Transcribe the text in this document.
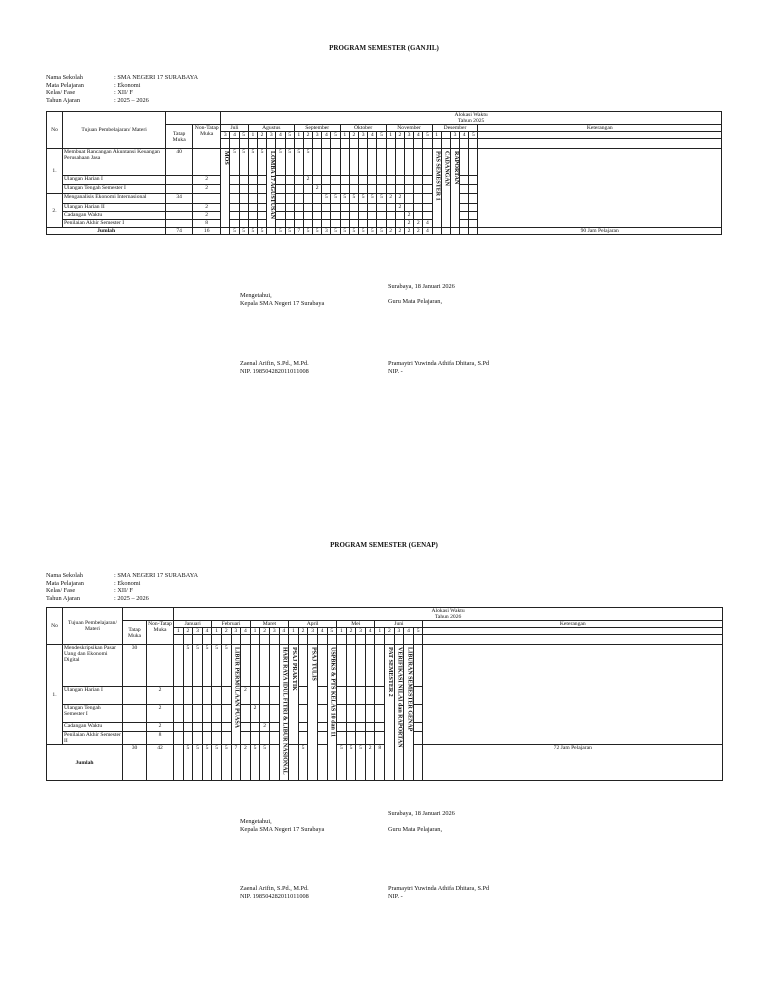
PROGRAM SEMESTER (GANJIL)
Nama Sekolah	: SMA NEGERI 17 SURABAYA
Mata Pelajaran	: Ekonomi
Kelas/ Fase	: XII/ F
Tahun Ajaran	: 2025 – 2026
No	Tujuan Pembelajaran/ Materi			Alokasi Waktu
Tahun 2025																												

		Tatap Muka	Non-Tatap Muka	Juli			Agustus					September					Oktober					November					Desember					Keterangan
				3	4	5	1	2	3	4	5	1	2	3	4	5	1	2	3	4	5	1	2	3	4	5	1		3	4	5	

1.	Membuat Rancangan Akuntansi Keuangan Perusahaan Jasa	40		MOS	5	5	5	5	LOMBA 17 AGUSTUSAN	5	5	5	5														PAS SEMESTER 1	CADANGAN	RAPORTAN			
	Ulangan Harian I		2										2																			
	Ulangan Tengah Semester I		2											2																		
2.	Menganalisis Ekonomi Internasional	34													5	5	5	5	5	5	5	2	2									
	Ulangan Harian II		2																				2									
	Cadangan Waktu		2																					2								
	Penilaian Akhir Semester I		8																					2	2	4						
Jumlah		74	16		5	5	5	5		5	5	7	5	5	3	5	5	5	5	5	5	2	2	2	2	4						90 Jam Pelajaran
Mengetahui,
Kepala SMA Negeri 17 Surabaya
Surabaya, 18 Januari 2026
Guru Mata Pelajaran,
Zaenal Arifin, S.Pd., M.Pd.
NIP. 198504282011011008
Pramaytri Yuwinda Athifa Dhitara, S.Pd
NIP. -
PROGRAM SEMESTER (GENAP)
Nama Sekolah	: SMA NEGERI 17 SURABAYA
Mata Pelajaran	: Ekonomi
Kelas/ Fase	: XII/ F
Tahun Ajaran	: 2025 – 2026
No	Tujuan Pembelajaran/ Materi			Alokasi Waktu
Tahun 2026																										

		Tatap Muka	Non-Tatap Muka	Januari				Februari				Maret				April					Mei				Juni					Keterangan
				1	2	3	4	1	2	3	4	1	2	3	4	1	2	3	4	5	1	2	3	4	1	2	3	4	5	

1.	Mendeskripsikan Pasar Uang dan Ekonomi Digital	30			5	5	5	5	5	LIBUR PERMULAAN PUASA					HARI RAYA IDUL FITRI & LIBUR NASIONAL	PSAJ PRAKTIK		PSAJ TULIS		USPBKS & PTS KELAS 10 dan 11						PAT SEMESTER 2	VERIFIKASI NILAI dan RAPORTAN	LIBURAN SEMESTER GENAP		
	Ulangan Harian I		2								2																			
	Ulangan Tengah Semester I		2									2																		
	Cadangan Waktu		2										2																	
	Penilaian Akhir Semester II		8																											
Jumlah		30	42		5	5	5	5	5	7	2	5	5				5				5	5	5	2	8					72 Jam Pelajaran
Mengetahui,
Kepala SMA Negeri 17 Surabaya
Surabaya, 18 Januari 2026
Guru Mata Pelajaran,
Zaenal Arifin, S.Pd., M.Pd.
NIP. 198504282011011008
Pramaytri Yuwinda Athifa Dhitara, S.Pd
NIP. -
